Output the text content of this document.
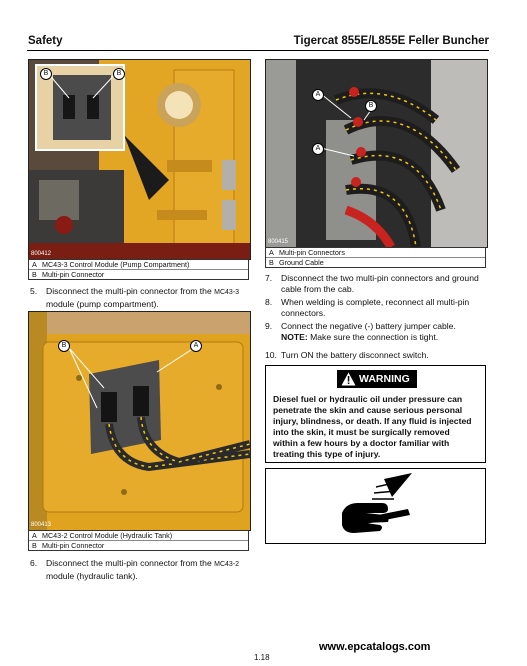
Safety	Tigercat 855E/L855E Feller Buncher
B	B
800412
A MC43-3 Control Module (Pump Compartment)
B Multi-pin Connector
5. Disconnect the multi-pin connector from the MC43-3
module (pump compartment).
B	A
800413
A MC43-2 Control Module (Hydraulic Tank)
B Multi-pin Connector
6. Disconnect the multi-pin connector from the MC43-2
module (hydraulic tank).
A
A
B
800415
A Multi-pin Connectors
B Ground Cable
7. Disconnect the two multi-pin connectors and ground
cable from the cab.
8. When welding is complete, reconnect all multi-pin
connectors.
9. Connect the negative (-) battery jumper cable.
NOTE: Make sure the connection is tight.
10. Turn ON the battery disconnect switch.
WARNING
Diesel fuel or hydraulic oil under pressure can
penetrate the skin and cause serious personal
injury, blindness, or death. If any fluid is injected
into the skin, it must be surgically removed
within a few hours by a doctor familiar with
treating this type of injury.
www.epcatalogs.com
1.18
